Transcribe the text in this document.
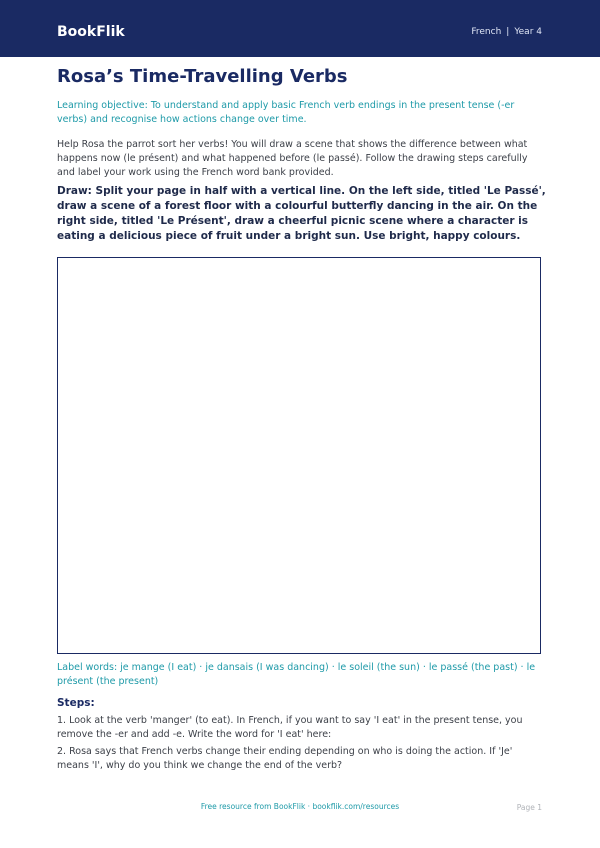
BookFlik	French | Year 4
Rosa’s Time-Travelling Verbs

Learning objective: To understand and apply basic French verb endings in the present tense (-er verbs) and recognise how actions change over time.

Help Rosa the parrot sort her verbs! You will draw a scene that shows the difference between what happens now (le présent) and what happened before (le passé). Follow the drawing steps carefully and label your work using the French word bank provided.

Draw: Split your page in half with a vertical line. On the left side, titled 'Le Passé', draw a scene of a forest floor with a colourful butterfly dancing in the air. On the right side, titled 'Le Présent', draw a cheerful picnic scene where a character is eating a delicious piece of fruit under a bright sun. Use bright, happy colours.

Label words: je mange (I eat) · je dansais (I was dancing) · le soleil (the sun) · le passé (the past) · le présent (the present)

Steps:

1. Look at the verb 'manger' (to eat). In French, if you want to say 'I eat' in the present tense, you remove the -er and add -e. Write the word for 'I eat' here:

2. Rosa says that French verbs change their ending depending on who is doing the action. If 'Je' means 'I', why do you think we change the end of the verb?

Free resource from BookFlik · bookflik.com/resources	Page 1
